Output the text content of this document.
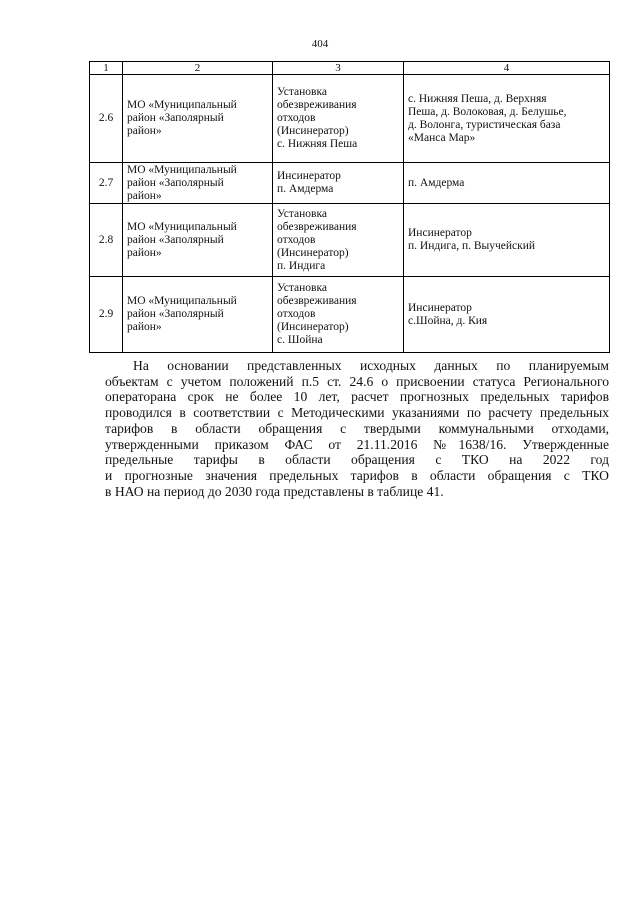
404
1	2	3	4
2.6	МО «Муниципальный
район «Заполярный
район»	Установка
обезвреживания
отходов
(Инсинератор)
с. Нижняя Пеша	с. Нижняя Пеша, д. Верхняя
Пеша, д. Волоковая, д. Белушье,
д. Волонга, туристическая база
«Манса Мар»

2.7	МО «Муниципальный
район «Заполярный
район»	Инсинератор
п. Амдерма	п. Амдерма

2.8	МО «Муниципальный
район «Заполярный
район»	Установка
обезвреживания
отходов
(Инсинератор)
п. Индига	Инсинератор
п. Индига, п. Выучейский

2.9	МО «Муниципальный
район «Заполярный
район»	Установка
обезвреживания
отходов
(Инсинератор)
с. Шойна	Инсинератор
с.Шойна, д. Кия
На основании представленных исходных данных по планируемым
объектам с учетом положений п.5 ст. 24.6 о присвоении статуса Регионального
операторана срок не более 10 лет, расчет прогнозных предельных тарифов
проводился в соответствии с Методическими указаниями по расчету предельных
тарифов в области обращения с твердыми коммунальными отходами,
утвержденными приказом ФАС от 21.11.2016 №1638/16. Утвержденные
предельные тарифы в области обращения с ТКО на 2022 год
и прогнозные значения предельных тарифов в области обращения с ТКО
в НАО на период до 2030 года представлены в таблице 41.
